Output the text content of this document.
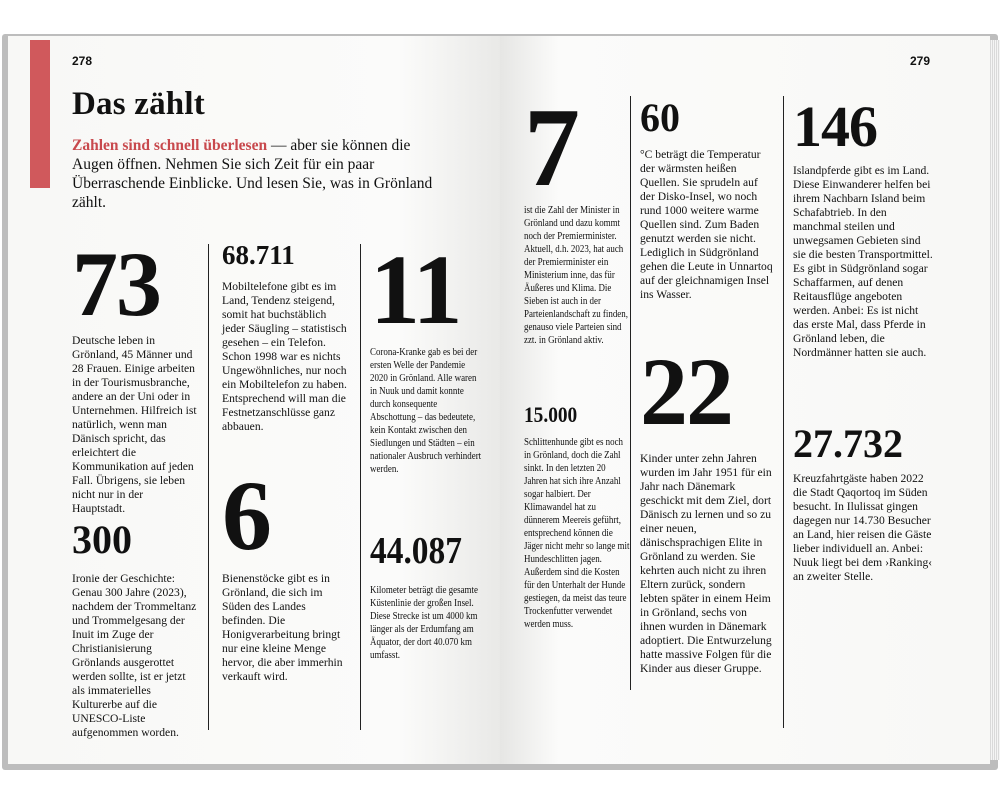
278
Das zählt
Zahlen sind schnell überlesen — aber sie können die Augen öffnen. Nehmen Sie sich Zeit für ein paar Überraschende Einblicke. Und lesen Sie, was in Grönland zählt.
73
Deutsche leben in Grönland, 45 Männer und 28 Frauen. Einige arbeiten in der Tourismusbranche, andere an der Uni oder in Unternehmen. Hilfreich ist natürlich, wenn man Dänisch spricht, das erleichtert die Kommunikation auf jeden Fall. Übrigens, sie leben nicht nur in der Hauptstadt.
300
Ironie der Geschichte: Genau 300 Jahre (2023), nachdem der Trommeltanz und Trommelgesang der Inuit im Zuge der Christianisierung Grönlands ausgerottet werden sollte, ist er jetzt als immaterielles Kulturerbe auf die UNESCO-Liste aufgenommen worden.
68.711
Mobiltelefone gibt es im Land, Tendenz steigend, somit hat buchstäblich jeder Säugling – statistisch gesehen – ein Telefon. Schon 1998 war es nichts Ungewöhnliches, nur noch ein Mobiltelefon zu haben. Entsprechend will man die Festnetzanschlüsse ganz abbauen.
6
Bienenstöcke gibt es in Grönland, die sich im Süden des Landes befinden. Die Honigverarbeitung bringt nur eine kleine Menge hervor, die aber immerhin verkauft wird.
11
Corona-Kranke gab es bei der ersten Welle der Pandemie 2020 in Grönland. Alle waren in Nuuk und damit konnte durch konsequente Abschottung – das bedeutete, kein Kontakt zwischen den Siedlungen und Städten – ein nationaler Ausbruch verhindert werden.
44.087
Kilometer beträgt die gesamte Küstenlinie der großen Insel. Diese Strecke ist um 4000 km länger als der Erdumfang am Äquator, der dort 40.070 km umfasst.
279
7
ist die Zahl der Minister in Grönland und dazu kommt noch der Premierminister. Aktuell, d.h. 2023, hat auch der Premierminister ein Ministerium inne, das für Äußeres und Klima. Die Sieben ist auch in der Parteienlandschaft zu finden, genauso viele Parteien sind zzt. in Grönland aktiv.
15.000
Schlittenhunde gibt es noch in Grönland, doch die Zahl sinkt. In den letzten 20 Jahren hat sich ihre Anzahl sogar halbiert. Der Klimawandel hat zu dünnerem Meereis geführt, entsprechend können die Jäger nicht mehr so lange mit Hundeschlitten jagen. Außerdem sind die Kosten für den Unterhalt der Hunde gestiegen, da meist das teure Trockenfutter verwendet werden muss.
60
°C beträgt die Temperatur der wärmsten heißen Quellen. Sie sprudeln auf der Disko-Insel, wo noch rund 1000 weitere warme Quellen sind. Zum Baden genutzt werden sie nicht. Lediglich in Südgrönland gehen die Leute in Unnartoq auf der gleichnamigen Insel ins Wasser.
22
Kinder unter zehn Jahren wurden im Jahr 1951 für ein Jahr nach Dänemark geschickt mit dem Ziel, dort Dänisch zu lernen und so zu einer neuen, dänischsprachigen Elite in Grönland zu werden. Sie kehrten auch nicht zu ihren Eltern zurück, sondern lebten später in einem Heim in Grönland, sechs von ihnen wurden in Dänemark adoptiert. Die Entwurzelung hatte massive Folgen für die Kinder aus dieser Gruppe.
146
Islandpferde gibt es im Land. Diese Einwanderer helfen bei ihrem Nachbarn Island beim Schafabtrieb. In den manchmal steilen und unwegsamen Gebieten sind sie die besten Transportmittel. Es gibt in Südgrönland sogar Schaffarmen, auf denen Reitausflüge angeboten werden. Anbei: Es ist nicht das erste Mal, dass Pferde in Grönland leben, die Nordmänner hatten sie auch.
27.732
Kreuzfahrtgäste haben 2022 die Stadt Qaqortoq im Süden besucht. In Ilulissat gingen dagegen nur 14.730 Besucher an Land, hier reisen die Gäste lieber individuell an. Anbei: Nuuk liegt bei dem ›Ranking‹ an zweiter Stelle.
